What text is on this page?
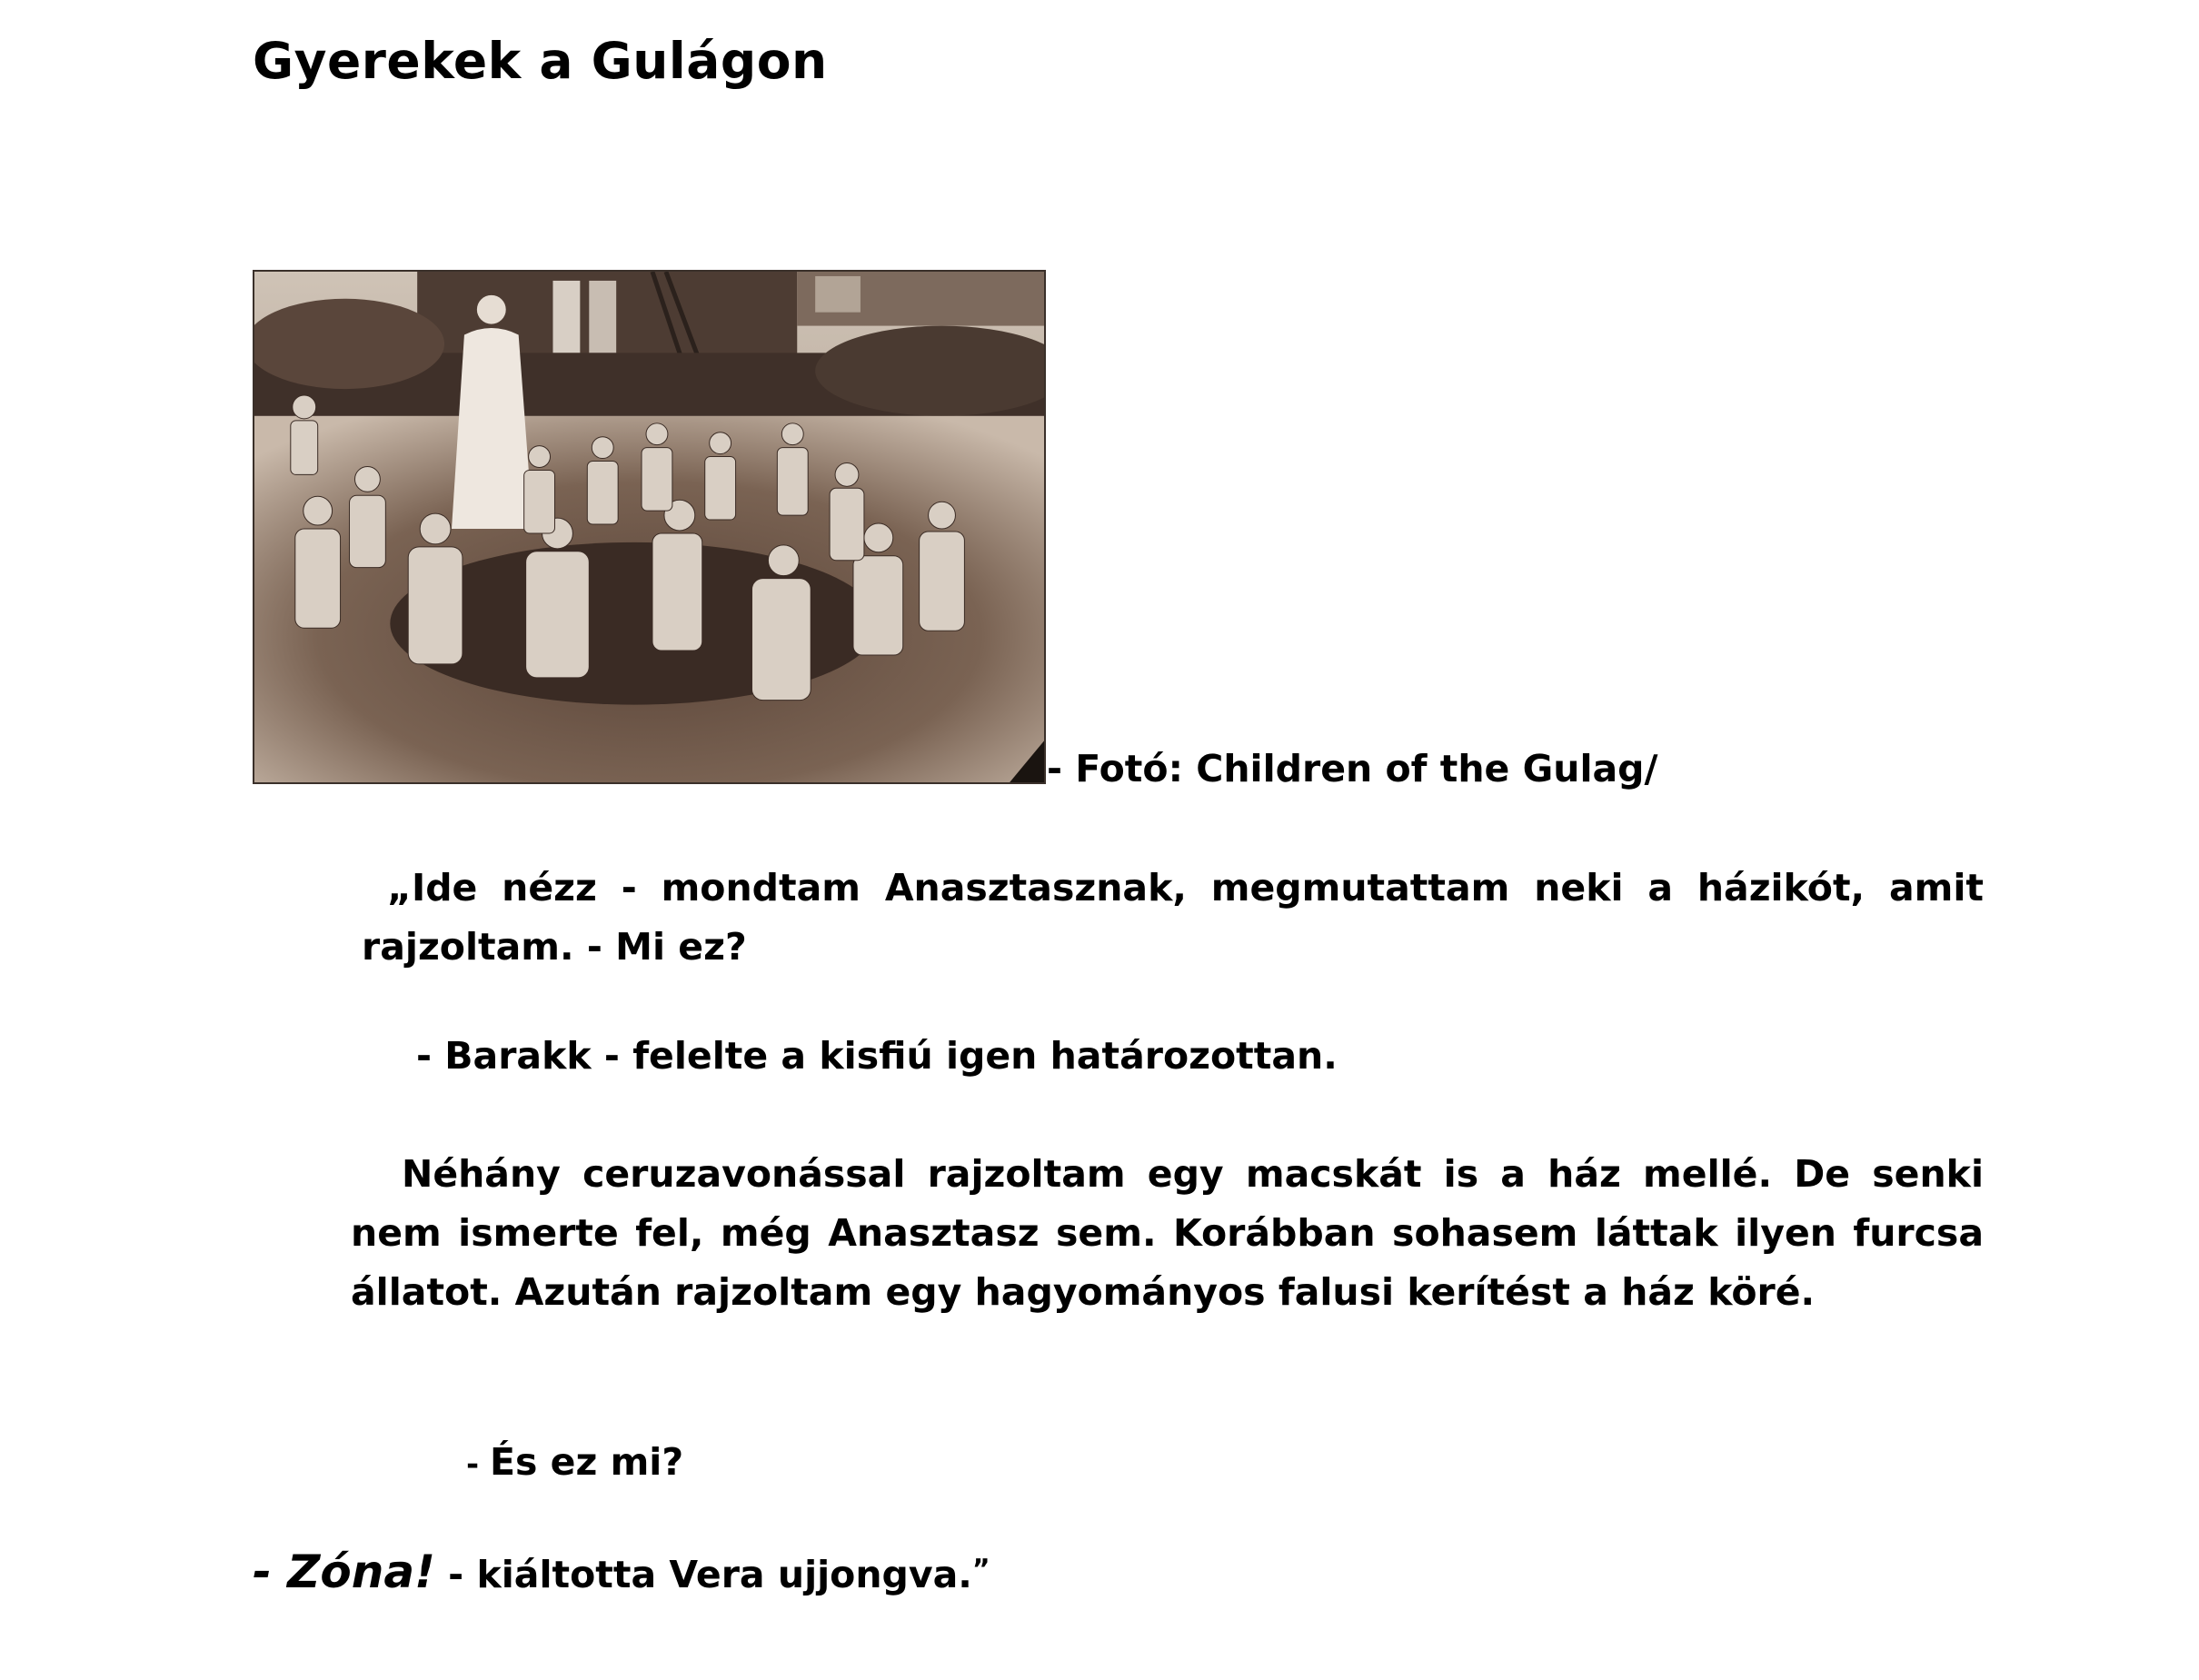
Gyerekek a Gulágon
- Fotó: Children of the Gulag/

„Ide nézz - mondtam Anasztasznak, megmutattam neki a házikót, amit rajzoltam. - Mi ez?

- Barakk - felelte a kisfiú igen határozottan.

Néhány ceruzavonással rajzoltam egy macskát is a ház mellé. De senki nem ismerte fel, még Anasztasz sem. Korábban sohasem láttak ilyen furcsa állatot. Azután rajzoltam egy hagyományos falusi kerítést a ház köré.

- És ez mi?

- Zóna! - kiáltotta Vera ujjongva.”
